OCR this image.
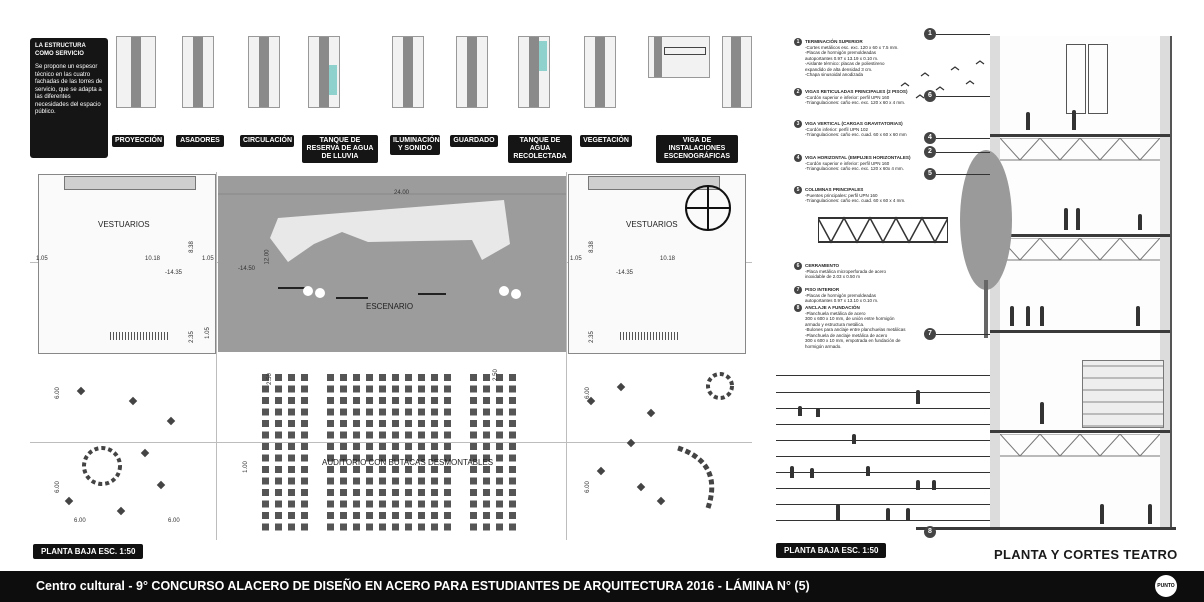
LA ESTRUCTURA COMO SERVICIO

Se propone un espesor técnico en las cuatro fachadas de las torres de servicio, que se adapta a las diferentes necesidades del espacio público.

PROYECCIÓN	ASADORES	CIRCULACIÓN	TANQUE DE RESERVA DE AGUA DE LLUVIA
ILUMINACIÓN Y SONIDO
GUARDADO	TANQUE DE AGUA RECOLECTADA
VEGETACIÓN	VIGA DE INSTALACIONES ESCENOGRÁFICAS
VESTUARIOS
10.18
-14.35
1.05	1.05
2.35
8.38
24.00
ESCENARIO
-14.50
12.00
1.05
VESTUARIOS
10.18
-14.35
1.05
2.35
8.38
AUDITORIO CON BUTACAS DESMONTABLES
2.50	2.50
1.00
6.00
6.00
6.00	6.00
6.00
6.00
PLANTA BAJA ESC. 1:50
1	TERMINACIÓN SUPERIOR
-Cortes metálicos esc. exc. 120 x 60 x 7.5 mm.
-Placas de hormigón premoldeadas
autoportantes 0.97 x 13.19 x 0.10 m.
-Aislante térmico: placas de poliestireno
expandido de alta densidad 3 cm.
-Chapa sinusoidal anodizada
2	VIGAS RETICULADAS PRINCIPALES (2 PISOS)
-Cordón superior e inferior: perfil UPN 160
-Triangulaciones: caño esc. exc. 120 x 60 x 4 mm.
3	VIGA VERTICAL (CARGAS GRAVITATORIAS)
-Cordón inferior: perfil UPN 102
-Triangulaciones: caño esc. cuad. 60 x 60 x 60 mm
4	VIGA HORIZONTAL (EMPUJES HORIZONTALES)
-Cordón superior e inferior: perfil UPN 160
-Triangulaciones: caño esc. exc. 120 x 60x 4 mm.
5	COLUMNAS PRINCIPALES
-Puentes principales: perfil UPN 160
-Triangulaciones: caño esc. cuad. 60 x 60 x 4 mm.
6	CERRAMIENTO
-Placa metálica microperforada de acero
inoxidable de 2.03 x 0.50 m
7	PISO INTERIOR
-Placas de hormigón premoldeadas
autoportantes 0.97 x 13.10 x 0.10 m.
8	ANCLAJE A FUNDACIÓN
-Planchuela metálica de acero
300 x 600 x 10 mm, de unión entre hormigón
armado y estructura metálica.
-Bulones para anclaje entre planchuelas metálicas
-Planchuela de anclaje metálica de acero
300 x 600 x 10 mm, empotrada en fundación de
hormigón armado.
1
6
4
2
5
7
8
PLANTA BAJA ESC. 1:50	PLANTA Y CORTES TEATRO
Centro cultural - 9° CONCURSO ALACERO DE DISEÑO EN ACERO PARA ESTUDIANTES DE ARQUITECTURA 2016 - LÁMINA N° (5)	PUNTO
